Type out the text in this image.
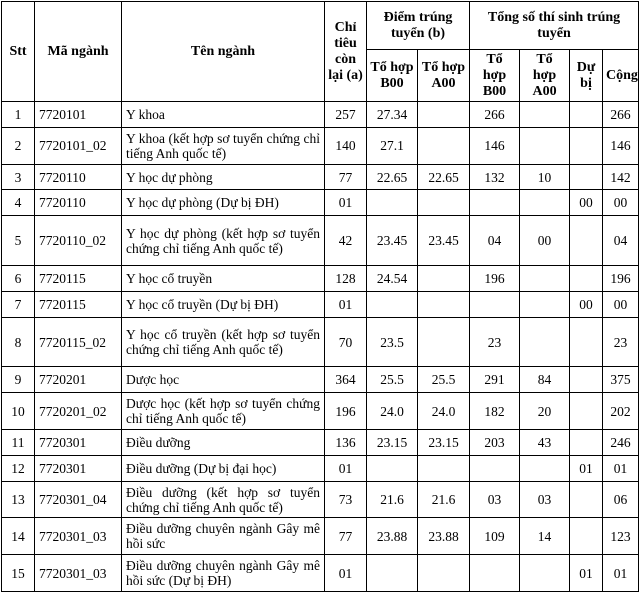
Stt	Mã ngành	Tên ngành	Chỉ tiêu còn lại (a)	Điểm trúng tuyển (b)		Tổng số thí sinh trúng tuyển			
				Tổ hợp B00	Tổ hợp A00	Tổ hợp B00	Tổ hợp A00	Dự bị	Cộng
1	7720101	Y khoa	257	27.34		266			266
2	7720101_02	Y khoa (kết hợp sơ tuyển chứng chỉ tiếng Anh quốc tế)	140	27.1		146			146
3	7720110	Y học dự phòng	77	22.65	22.65	132	10		142
4	7720110	Y học dự phòng (Dự bị ĐH)	01					00	00
5	7720110_02	Y học dự phòng (kết hợp sơ tuyển chứng chỉ tiếng Anh quốc tế)	42	23.45	23.45	04	00		04
6	7720115	Y học cổ truyền	128	24.54		196			196
7	7720115	Y học cổ truyền (Dự bị ĐH)	01					00	00
8	7720115_02	Y học cổ truyền (kết hợp sơ tuyển chứng chỉ tiếng Anh quốc tế)	70	23.5		23			23
9	7720201	Dược học	364	25.5	25.5	291	84		375
10	7720201_02	Dược học (kết hợp sơ tuyển chứng chỉ tiếng Anh quốc tế)	196	24.0	24.0	182	20		202
11	7720301	Điều dưỡng	136	23.15	23.15	203	43		246
12	7720301	Điều dưỡng (Dự bị đại học)	01					01	01
13	7720301_04	Điều dưỡng (kết hợp sơ tuyển chứng chỉ tiếng Anh quốc tế)	73	21.6	21.6	03	03		06
14	7720301_03	Điều dưỡng chuyên ngành Gây mê hồi sức	77	23.88	23.88	109	14		123
15	7720301_03	Điều dưỡng chuyên ngành Gây mê hồi sức (Dự bị ĐH)	01					01	01
